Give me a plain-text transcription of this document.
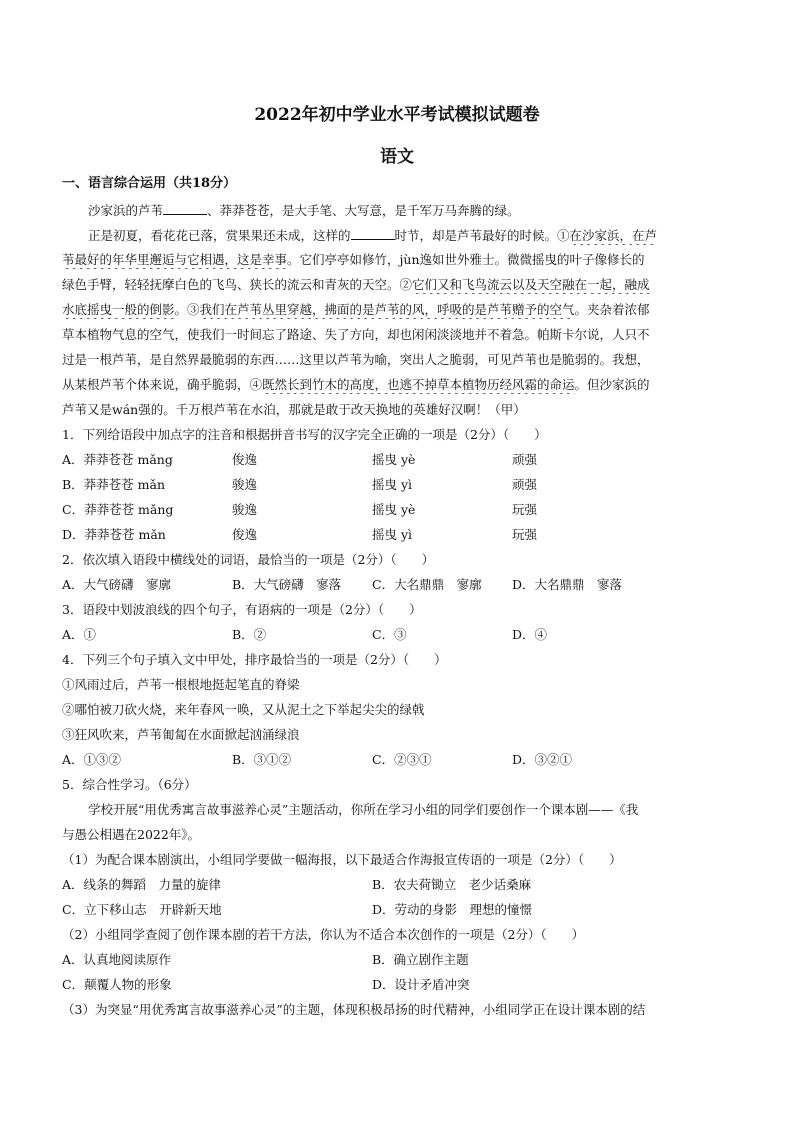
2022年初中学业水平考试模拟试题卷
语文
一、语言综合运用（共18分）
沙家浜的芦苇	、莽莽苍苍，是大手笔、大写意，是千军万马奔腾的绿。
正是初夏，看花花已落，赏果果还未成，这样的	时节，却是芦苇最好的时候。①在沙家浜，在芦
苇最好的年华里邂逅与它相遇，这是幸事。它们亭亭如修竹，jùn逸如世外雅士。微微摇曳的叶子像修长的
绿色手臂，轻轻抚摩白色的飞鸟、狭长的流云和青灰的天空。②它们又和飞鸟流云以及天空融在一起，融成
水底摇曳一般的倒影。③我们在芦苇丛里穿越，拂面的是芦苇的风，呼吸的是芦苇赠予的空气。夹杂着浓郁
草本植物气息的空气，使我们一时间忘了路途、失了方向，却也闲闲淡淡地并不着急。帕斯卡尔说，人只不
过是一根芦苇，是自然界最脆弱的东西……这里以芦苇为喻，突出人之脆弱，可见芦苇也是脆弱的。我想，
从某根芦苇个体来说，确乎脆弱，④既然长到竹木的高度，也逃不掉草本植物历经风霜的命运。但沙家浜的
芦苇又是wán强的。千万根芦苇在水泊，那就是敢于改天换地的英雄好汉啊！（甲）
1．下列给语段中加点字的注音和根据拼音书写的汉字完全正确的一项是（2分）（　　）
A．莽莽苍苍 mǎng	俊逸	摇曳 yè	顽强
B．莽莽苍苍 mǎn	骏逸	摇曳 yì	顽强
C．莽莽苍苍 mǎng	骏逸	摇曳 yè	玩强
D．莽莽苍苍 mǎn	俊逸	摇曳 yì	玩强
2．依次填入语段中横线处的词语，最恰当的一项是（2分）（　　）
A．大气磅礴　寥廓	B．大气磅礴　寥落 C．大名鼎鼎　寥廓 D．大名鼎鼎　寥落
3．语段中划波浪线的四个句子，有语病的一项是（2分）（　　）
A．①	B．②	C．③	D．④
4．下列三个句子填入文中甲处，排序最恰当的一项是（2分）（　　）
①风雨过后，芦苇一根根地挺起笔直的脊梁
②哪怕被刀砍火烧，来年春风一唤，又从泥土之下举起尖尖的绿戟
③狂风吹来，芦苇匍匐在水面掀起汹涌绿浪
A．①③②	B．③①②	C．②③①	D．③②①
5．综合性学习。（6分）
学校开展“用优秀寓言故事滋养心灵”主题活动，你所在学习小组的同学们要创作一个课本剧——《我
与愚公相遇在2022年》。
（1）为配合课本剧演出，小组同学要做一幅海报，以下最适合作海报宣传语的一项是（2分）（　　）
A．线条的舞蹈　力量的旋律	B．农夫荷锄立　老少话桑麻
C．立下移山志　开辟新天地	D．劳动的身影　理想的憧憬
（2）小组同学查阅了创作课本剧的若干方法，你认为不适合本次创作的一项是（2分）（　　）
A．认真地阅读原作	B．确立剧作主题
C．颠覆人物的形象	D．设计矛盾冲突
（3）为突显“用优秀寓言故事滋养心灵”的主题，体现积极昂扬的时代精神，小组同学正在设计课本剧的结
